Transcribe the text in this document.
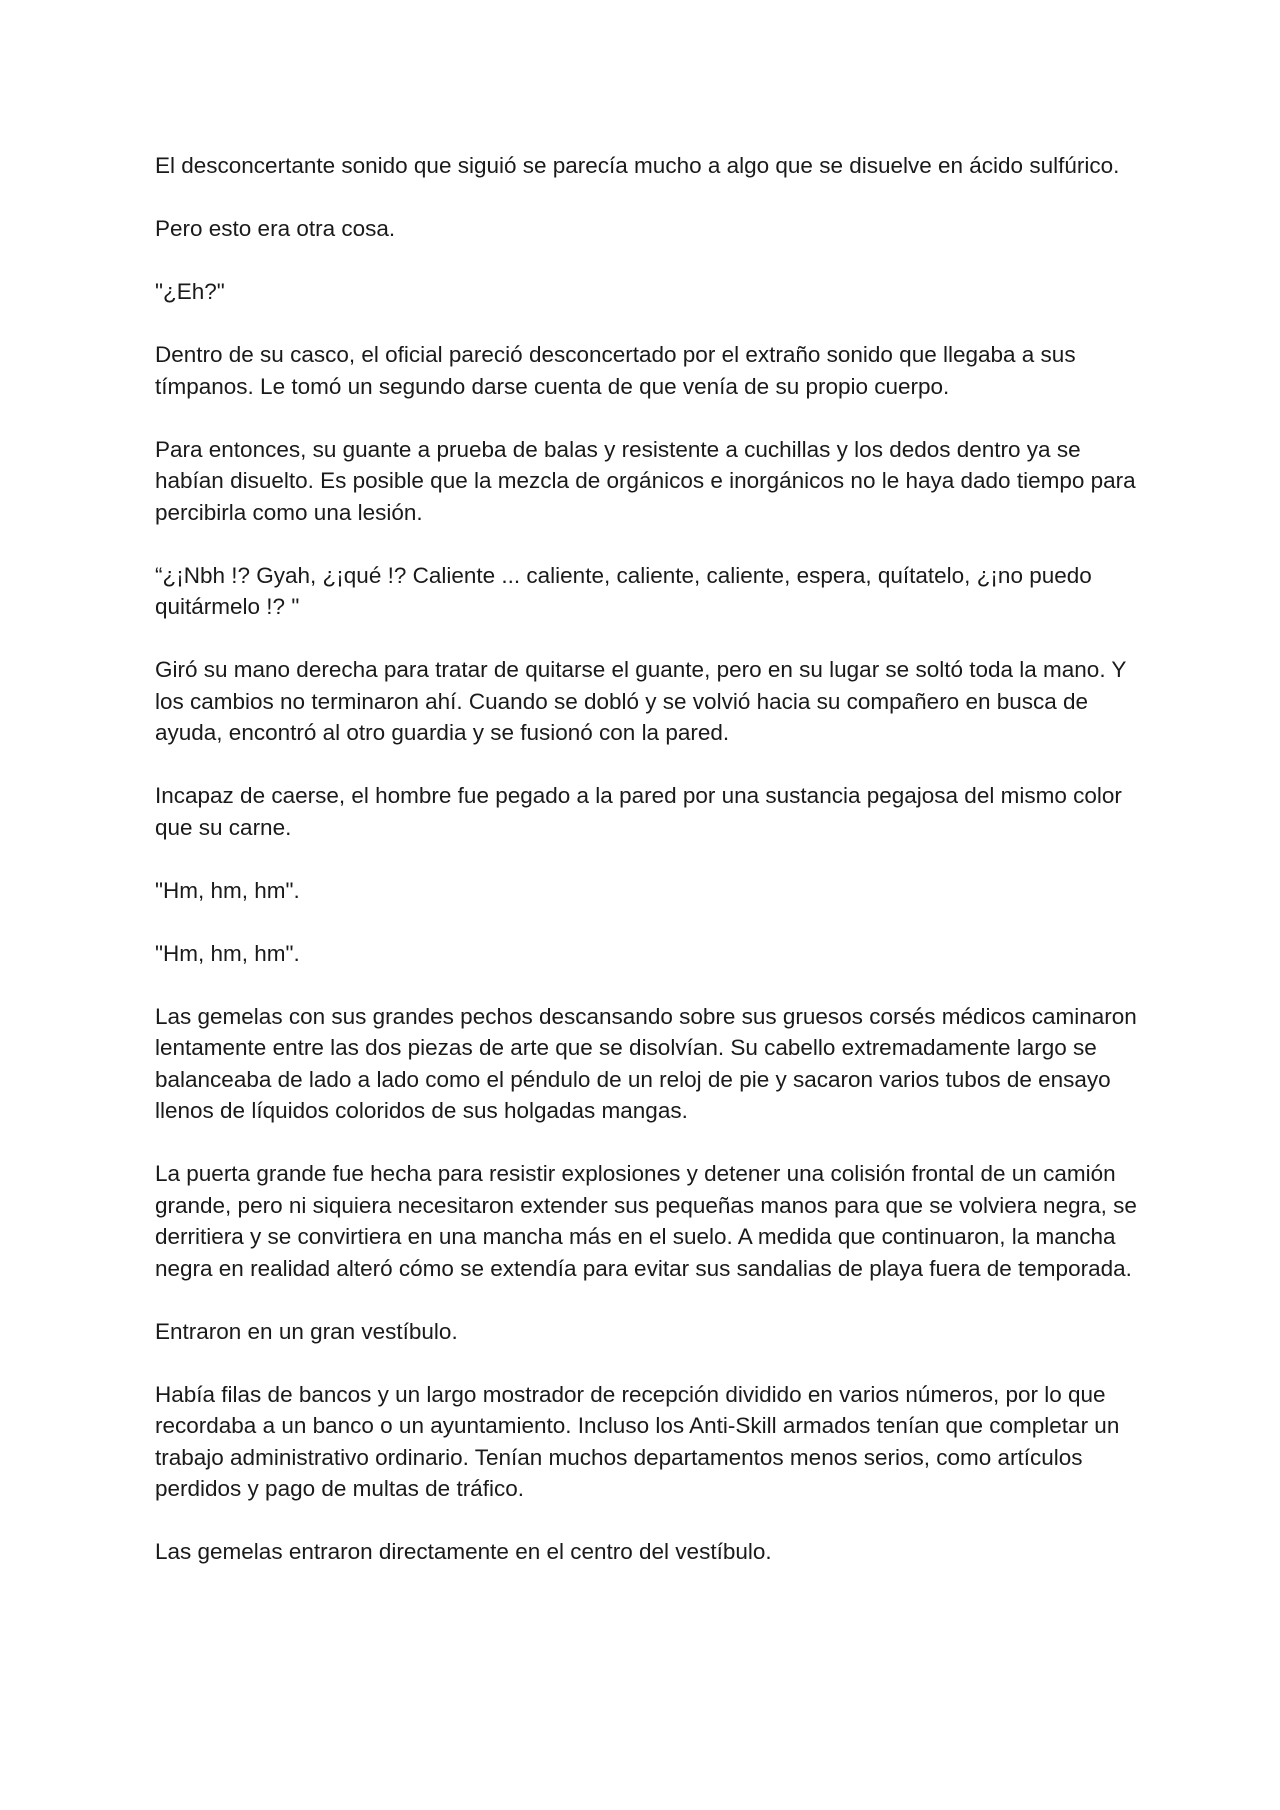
El desconcertante sonido que siguió se parecía mucho a algo que se disuelve en ácido sulfúrico.

Pero esto era otra cosa.

"¿Eh?"

Dentro de su casco, el oficial pareció desconcertado por el extraño sonido que llegaba a sus tímpanos. Le tomó un segundo darse cuenta de que venía de su propio cuerpo.

Para entonces, su guante a prueba de balas y resistente a cuchillas y los dedos dentro ya se habían disuelto. Es posible que la mezcla de orgánicos e inorgánicos no le haya dado tiempo para percibirla como una lesión.

“¿¡Nbh !? Gyah, ¿¡qué !? Caliente ... caliente, caliente, caliente, espera, quítatelo, ¿¡no puedo quitármelo !? "

Giró su mano derecha para tratar de quitarse el guante, pero en su lugar se soltó toda la mano. Y los cambios no terminaron ahí. Cuando se dobló y se volvió hacia su compañero en busca de ayuda, encontró al otro guardia y se fusionó con la pared.

Incapaz de caerse, el hombre fue pegado a la pared por una sustancia pegajosa del mismo color que su carne.

"Hm, hm, hm".

"Hm, hm, hm".

Las gemelas con sus grandes pechos descansando sobre sus gruesos corsés médicos caminaron lentamente entre las dos piezas de arte que se disolvían. Su cabello extremadamente largo se balanceaba de lado a lado como el péndulo de un reloj de pie y sacaron varios tubos de ensayo llenos de líquidos coloridos de sus holgadas mangas.

La puerta grande fue hecha para resistir explosiones y detener una colisión frontal de un camión grande, pero ni siquiera necesitaron extender sus pequeñas manos para que se volviera negra, se derritiera y se convirtiera en una mancha más en el suelo. A medida que continuaron, la mancha negra en realidad alteró cómo se extendía para evitar sus sandalias de playa fuera de temporada.

Entraron en un gran vestíbulo.

Había filas de bancos y un largo mostrador de recepción dividido en varios números, por lo que recordaba a un banco o un ayuntamiento. Incluso los Anti-Skill armados tenían que completar un trabajo administrativo ordinario. Tenían muchos departamentos menos serios, como artículos perdidos y pago de multas de tráfico.

Las gemelas entraron directamente en el centro del vestíbulo.
